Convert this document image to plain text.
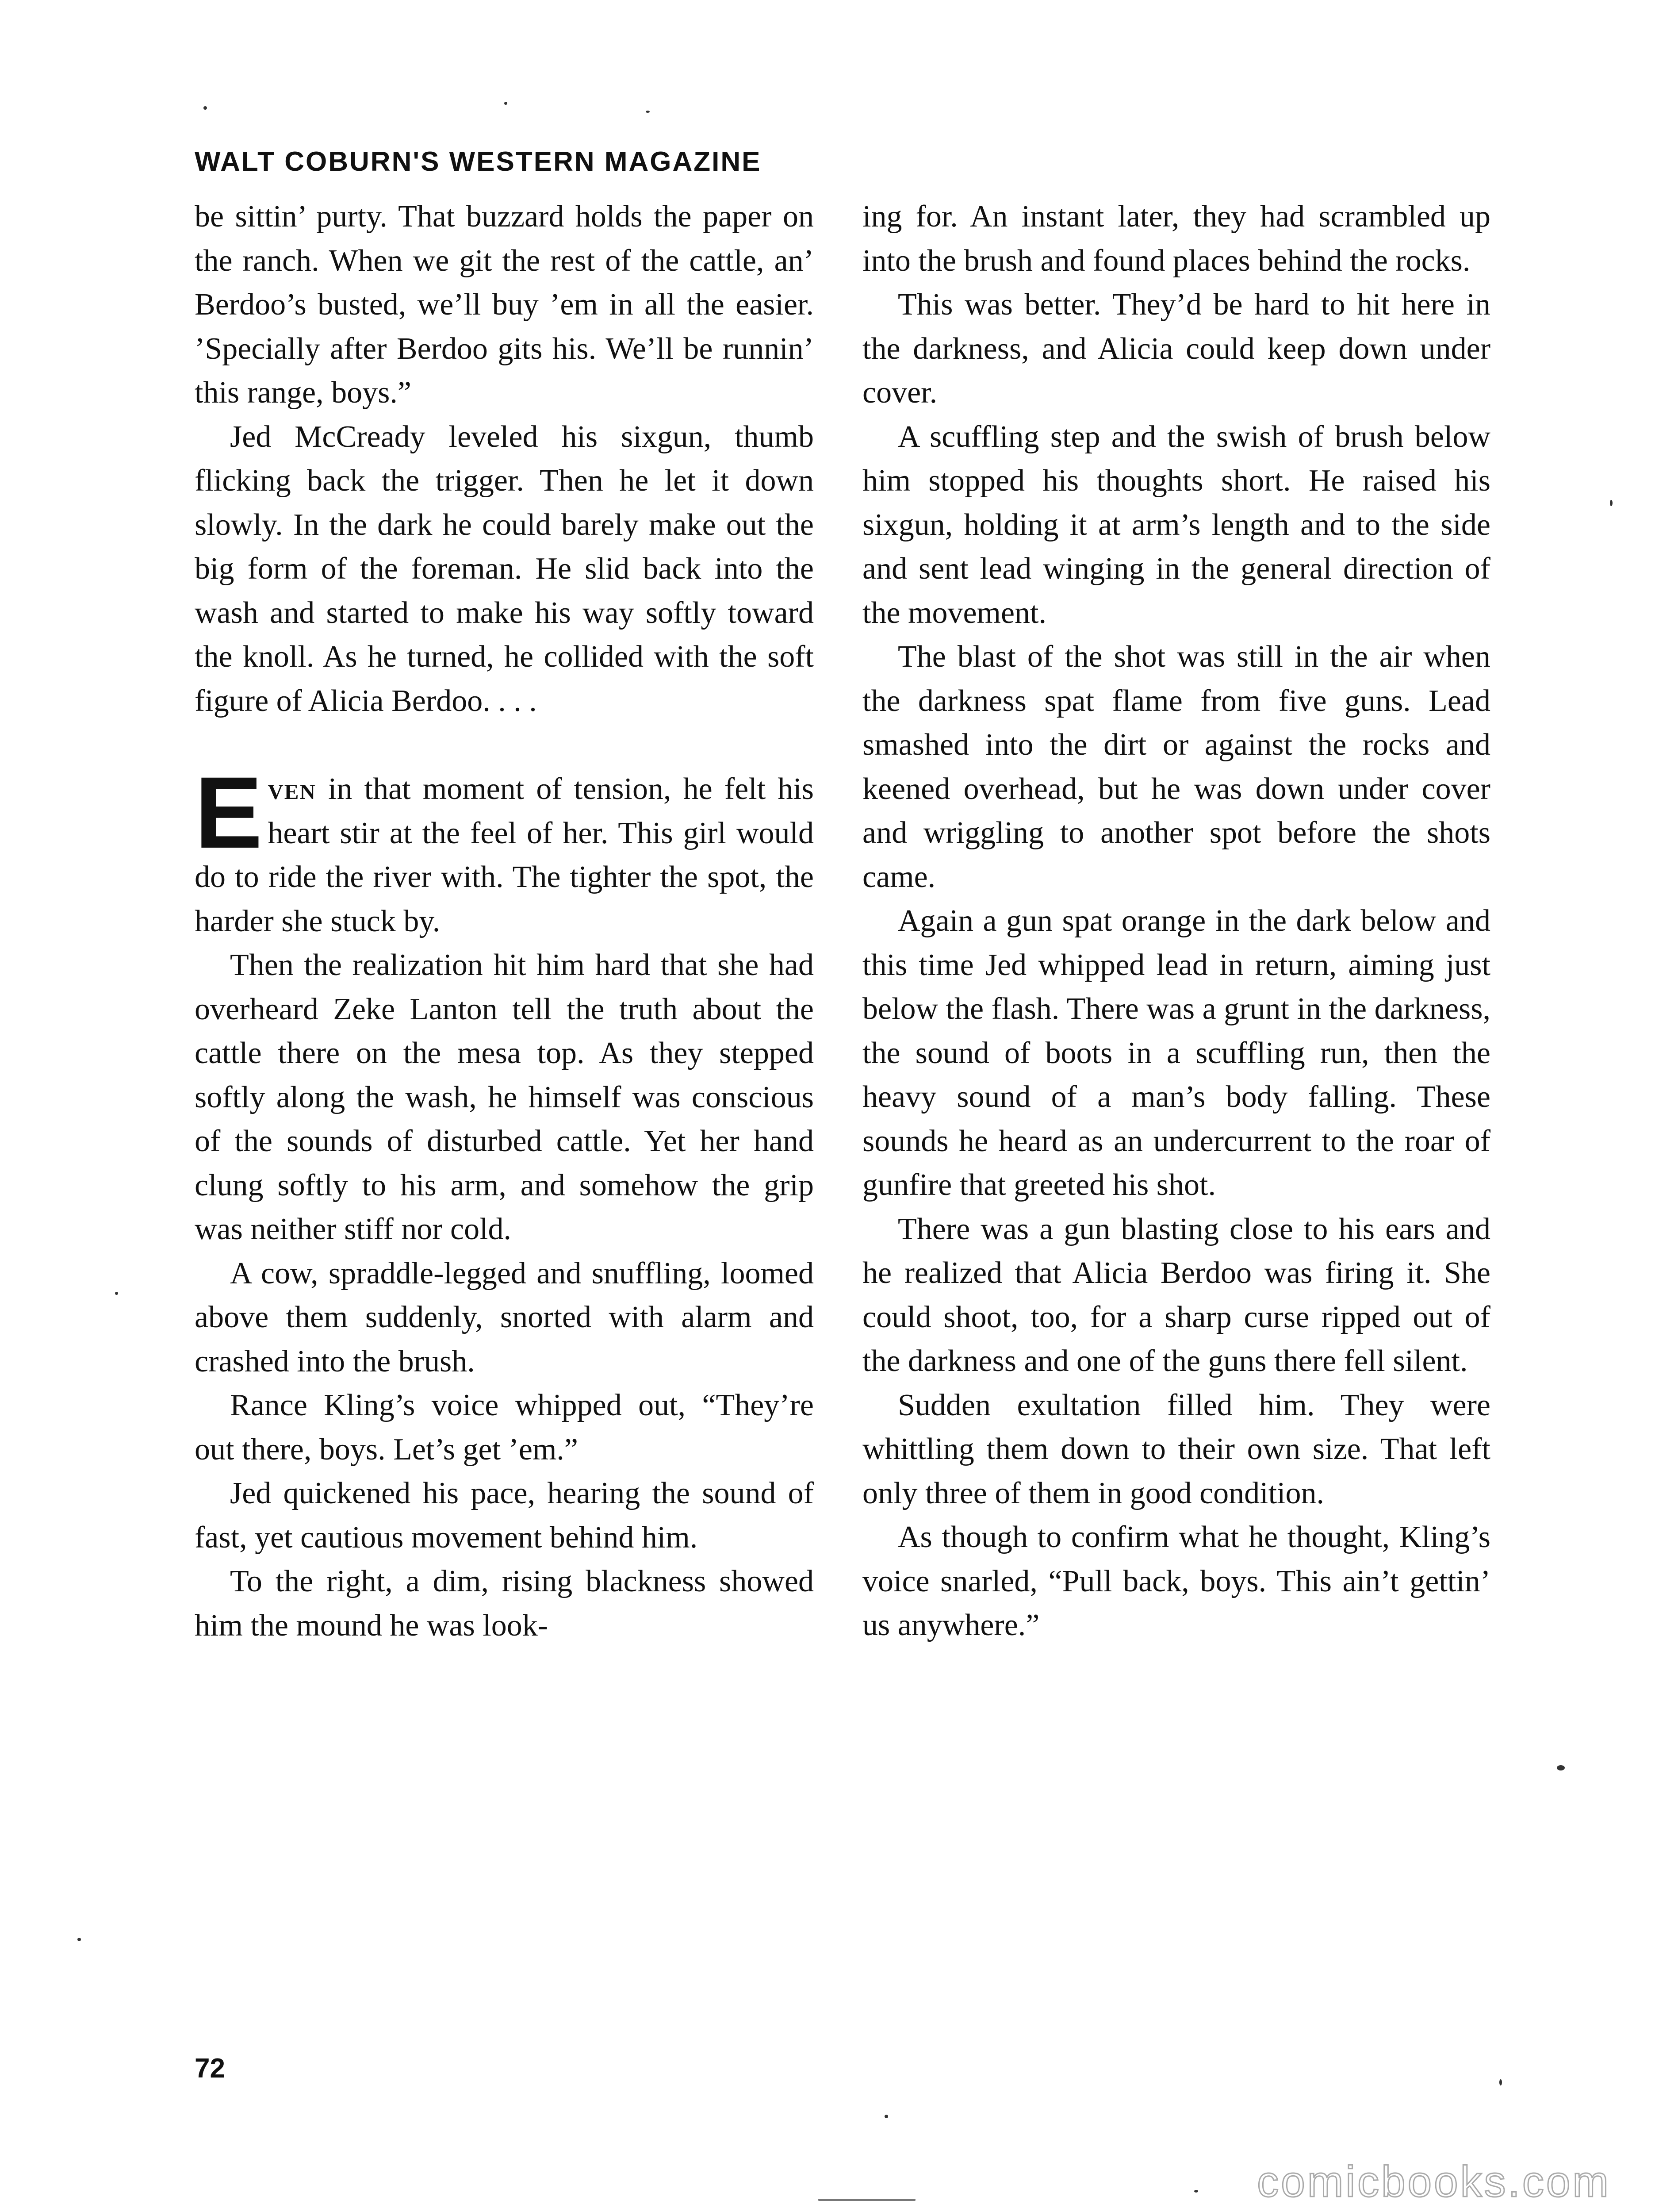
WALT COBURN'S WESTERN MAGAZINE

be sittin’ purty. That buzzard holds the paper on the ranch. When we git the rest of the cattle, an’ Berdoo’s busted, we’ll buy ’em in all the easier. ’Specially after Berdoo gits his. We’ll be runnin’ this range, boys.”

Jed McCready leveled his sixgun, thumb flicking back the trigger. Then he let it down slowly. In the dark he could barely make out the big form of the foreman. He slid back into the wash and started to make his way softly toward the knoll. As he turned, he collided with the soft figure of Alicia Berdoo. . . .

Even in that moment of tension, he felt his heart stir at the feel of her. This girl would do to ride the river with. The tighter the spot, the harder she stuck by.

Then the realization hit him hard that she had overheard Zeke Lanton tell the truth about the cattle there on the mesa top. As they stepped softly along the wash, he himself was conscious of the sounds of disturbed cattle. Yet her hand clung softly to his arm, and somehow the grip was neither stiff nor cold.

A cow, spraddle-legged and snuffling, loomed above them suddenly, snorted with alarm and crashed into the brush.

Rance Kling’s voice whipped out, “They’re out there, boys. Let’s get ’em.”

Jed quickened his pace, hearing the sound of fast, yet cautious movement behind him.

To the right, a dim, rising blackness showed him the mound he was look-

ing for. An instant later, they had scrambled up into the brush and found places behind the rocks.

This was better. They’d be hard to hit here in the darkness, and Alicia could keep down under cover.

A scuffling step and the swish of brush below him stopped his thoughts short. He raised his sixgun, holding it at arm’s length and to the side and sent lead winging in the general direction of the movement.

The blast of the shot was still in the air when the darkness spat flame from five guns. Lead smashed into the dirt or against the rocks and keened overhead, but he was down under cover and wriggling to another spot before the shots came.

Again a gun spat orange in the dark below and this time Jed whipped lead in return, aiming just below the flash. There was a grunt in the darkness, the sound of boots in a scuffling run, then the heavy sound of a man’s body falling. These sounds he heard as an undercurrent to the roar of gunfire that greeted his shot.

There was a gun blasting close to his ears and he realized that Alicia Berdoo was firing it. She could shoot, too, for a sharp curse ripped out of the darkness and one of the guns there fell silent.

Sudden exultation filled him. They were whittling them down to their own size. That left only three of them in good condition.

As though to confirm what he thought, Kling’s voice snarled, “Pull back, boys. This ain’t gettin’ us anywhere.”

72
comicbooks.com
